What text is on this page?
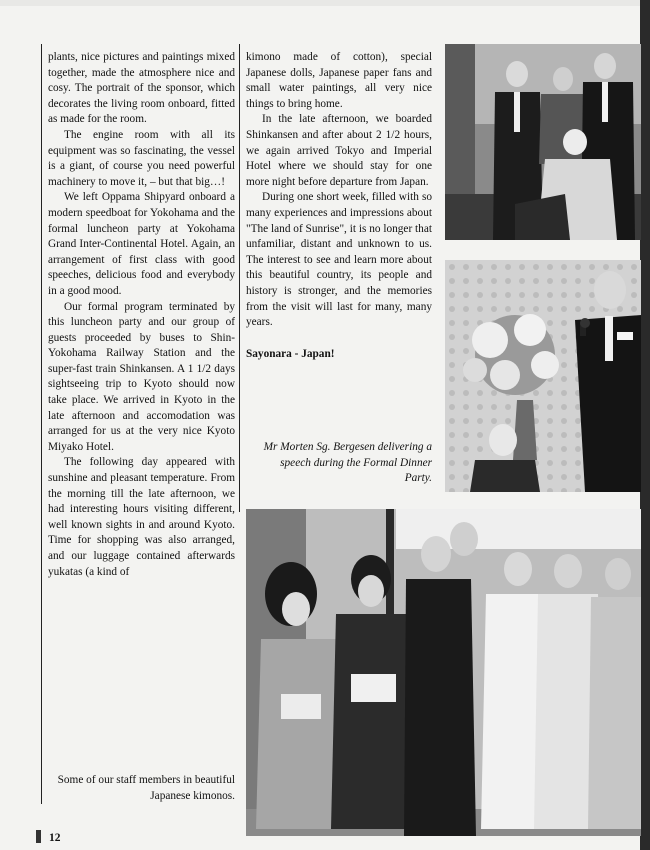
plants, nice pictures and paintings mixed together, made the atmosphere nice and cosy. The portrait of the sponsor, which decorates the living room onboard, fitted as made for the room.

The engine room with all its equipment was so fascinating, the vessel is a giant, of course you need powerful machinery to move it, – but that big…!

We left Oppama Shipyard onboard a modern speedboat for Yokohama and the formal luncheon party at Yokohama Grand Inter-Continental Hotel. Again, an arrangement of first class with good speeches, delicious food and everybody in a good mood.

Our formal program terminated by this luncheon party and our group of guests proceeded by buses to Shin-Yokohama Railway Station and the super-fast train Shinkansen. A 1 1/2 days sightseeing trip to Kyoto should now take place. We arrived in Kyoto in the late afternoon and accomodation was arranged for us at the very nice Kyoto Miyako Hotel.

The following day appeared with sunshine and pleasant temperature. From the morning till the late afternoon, we had interesting hours visiting different, well known sights in and around Kyoto. Time for shopping was also arranged, and our luggage contained afterwards yukatas (a kind of

kimono made of cotton), special Japanese dolls, Japanese paper fans and small water paintings, all very nice things to bring home.

In the late afternoon, we boarded Shinkansen and after about 2 1/2 hours, we again arrived Tokyo and Imperial Hotel where we should stay for one more night before departure from Japan.

During one short week, filled with so many experiences and impressions about "The land of Sunrise", it is no longer that unfamiliar, distant and unknown to us. The interest to see and learn more about this beautiful country, its people and history is stronger, and the memories from the visit will last for many, many years.

Sayonara - Japan!

Mr Morten Sg. Bergesen delivering a speech during the Formal Dinner Party.
Some of our staff members in beautiful Japanese kimonos.
12
